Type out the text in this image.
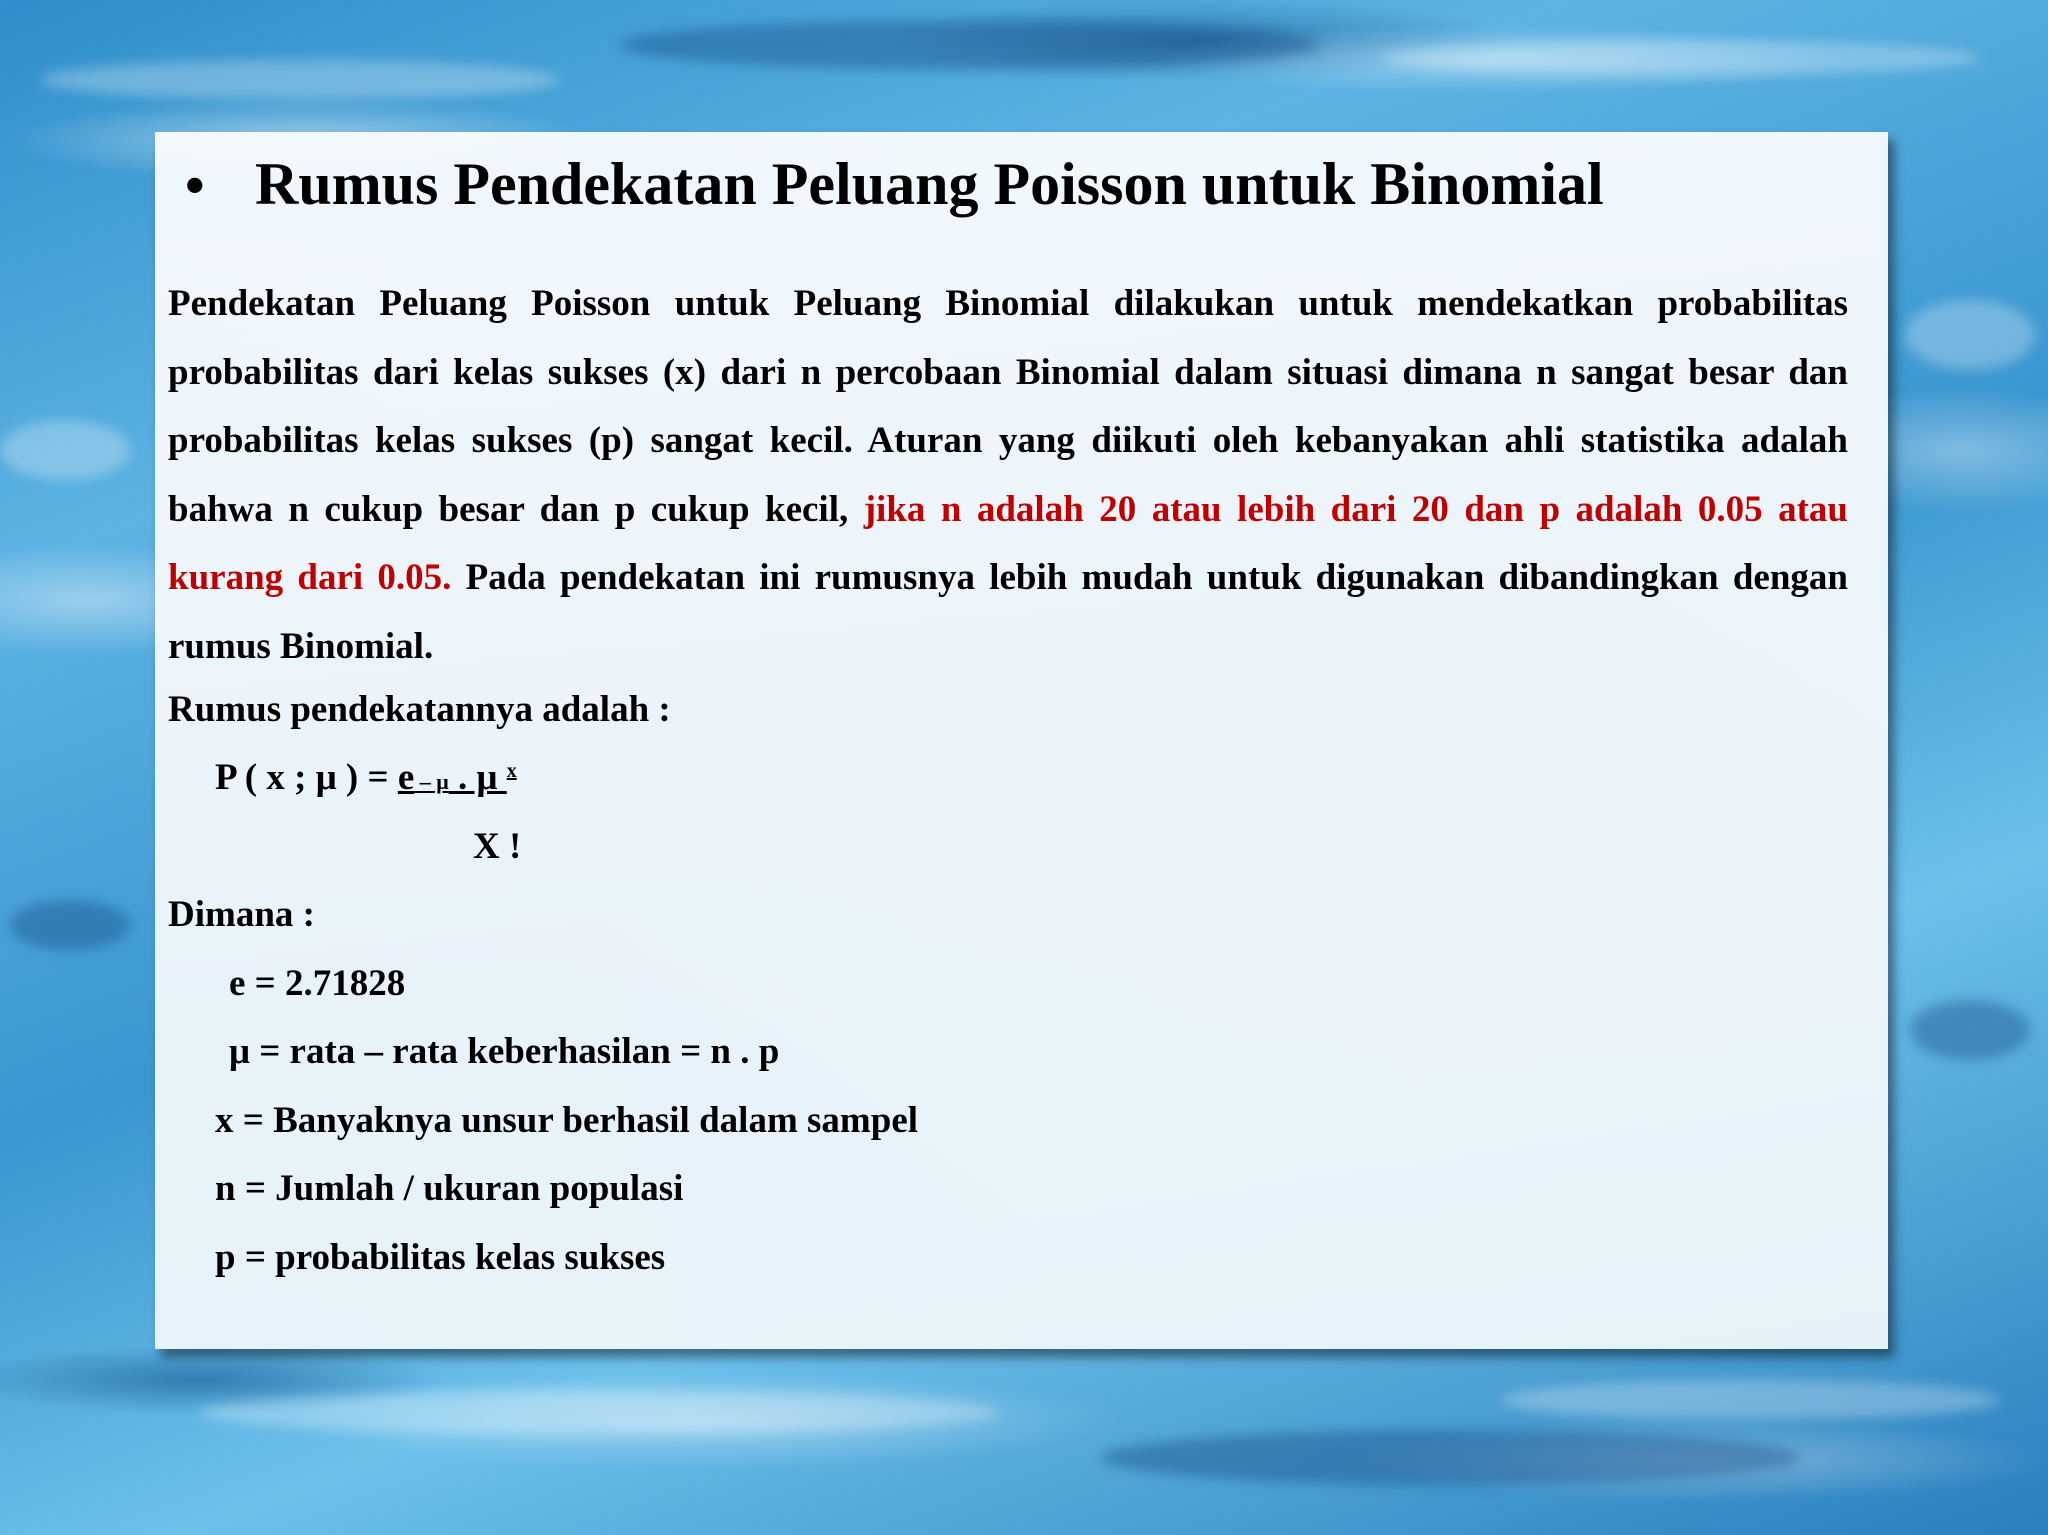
• Rumus Pendekatan Peluang Poisson untuk Binomial
Pendekatan Peluang Poisson untuk Peluang Binomial dilakukan untuk mendekatkan probabilitas probabilitas dari kelas sukses (x) dari n percobaan Binomial dalam situasi dimana n sangat besar dan probabilitas kelas sukses (p) sangat kecil. Aturan yang diikuti oleh kebanyakan ahli statistika adalah bahwa n cukup besar dan p cukup kecil, jika n adalah 20 atau lebih dari 20 dan p adalah 0.05 atau kurang dari 0.05. Pada pendekatan ini rumusnya lebih mudah untuk digunakan dibandingkan dengan rumus Binomial.
Rumus pendekatannya adalah :
P ( x ; μ ) = e – μ . μ $^x$
X !
Dimana :
e = 2.71828
μ = rata – rata keberhasilan = n . p
x = Banyaknya unsur berhasil dalam sampel
n = Jumlah / ukuran populasi
p = probabilitas kelas sukses
